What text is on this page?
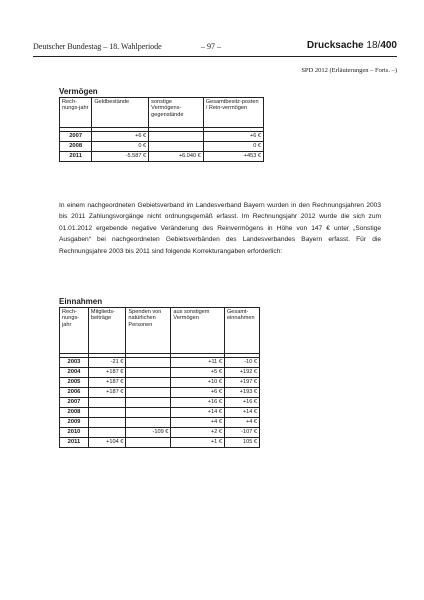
Deutscher Bundestag – 18. Wahlperiode	– 97 –	Drucksache 18/400
SPD 2012 (Erläuterungen – Forts. –)
Vermögen
Rech-nungs-jahr	Geldbestände	sonstige Vermögens-gegenstände	Gesamtbesitz-posten / Rein-vermögen

2007	+6 €		+6 €
2008	0 €		0 €
2011	-5.587 €	+6.040 €	+453 €

In einem nachgeordneten Gebietsverband im Landesverband Bayern wurden in den Rechnungsjahren 2003 bis 2011 Zahlungsvorgänge nicht ordnungsgemäß erfasst. Im Rechnungsjahr 2012 wurde die sich zum 01.01.2012 ergebende negative Veränderung des Reinvermögens in Höhe von 147 € unter „Sonstige Ausgaben“ bei nachgeordneten Gebietsverbänden des Landesverbandes Bayern erfasst. Für die Rechnungsjahre 2003 bis 2011 sind folgende Korrekturangaben erforderlich:

Einnahmen
Rech-nungs-jahr	Mitglieds-beiträge	Spenden von natürlichen Personen	aus sonstigem Vermögen	Gesamt-einnahmen

2003	-21 €		+11 €	-10 €
2004	+187 €		+5 €	+192 €
2005	+187 €		+10 €	+197 €
2006	+187 €		+6 €	+193 €
2007			+16 €	+16 €
2008			+14 €	+14 €
2009			+4 €	+4 €
2010		-109 €	+2 €	-107 €
2011	+104 €		+1 €	105 €
